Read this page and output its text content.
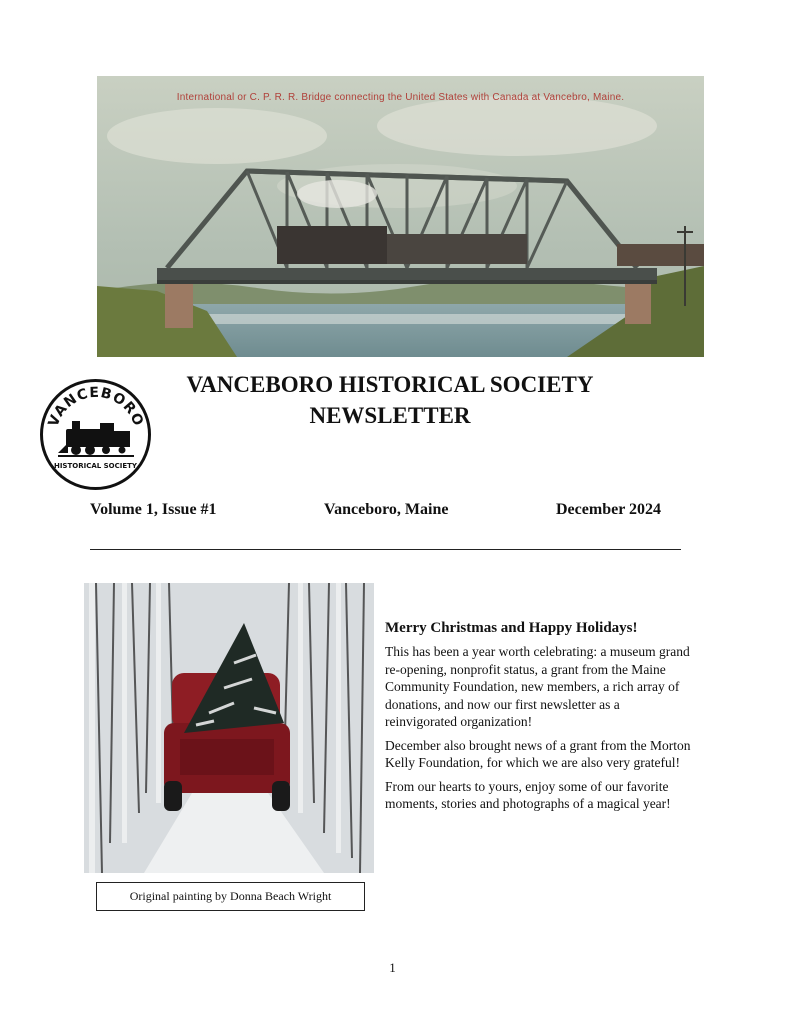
International or C. P. R. R. Bridge connecting the United States with Canada at Vancebro, Maine.
VANCEBORO
HISTORICAL SOCIETY
VANCEBORO HISTORICAL SOCIETY
NEWSLETTER
Volume 1, Issue #1	Vanceboro, Maine	December 2024
Original painting by Donna Beach Wright
Merry Christmas and Happy Holidays!

This has been a year worth celebrating: a museum grand re-opening, nonprofit status, a grant from the Maine Community Foundation, new members, a rich array of donations, and now our first newsletter as a reinvigorated organization!

December also brought news of a grant from the Morton Kelly Foundation, for which we are also very grateful!

From our hearts to yours, enjoy some of our favorite moments, stories and photographs of a magical year!

1
